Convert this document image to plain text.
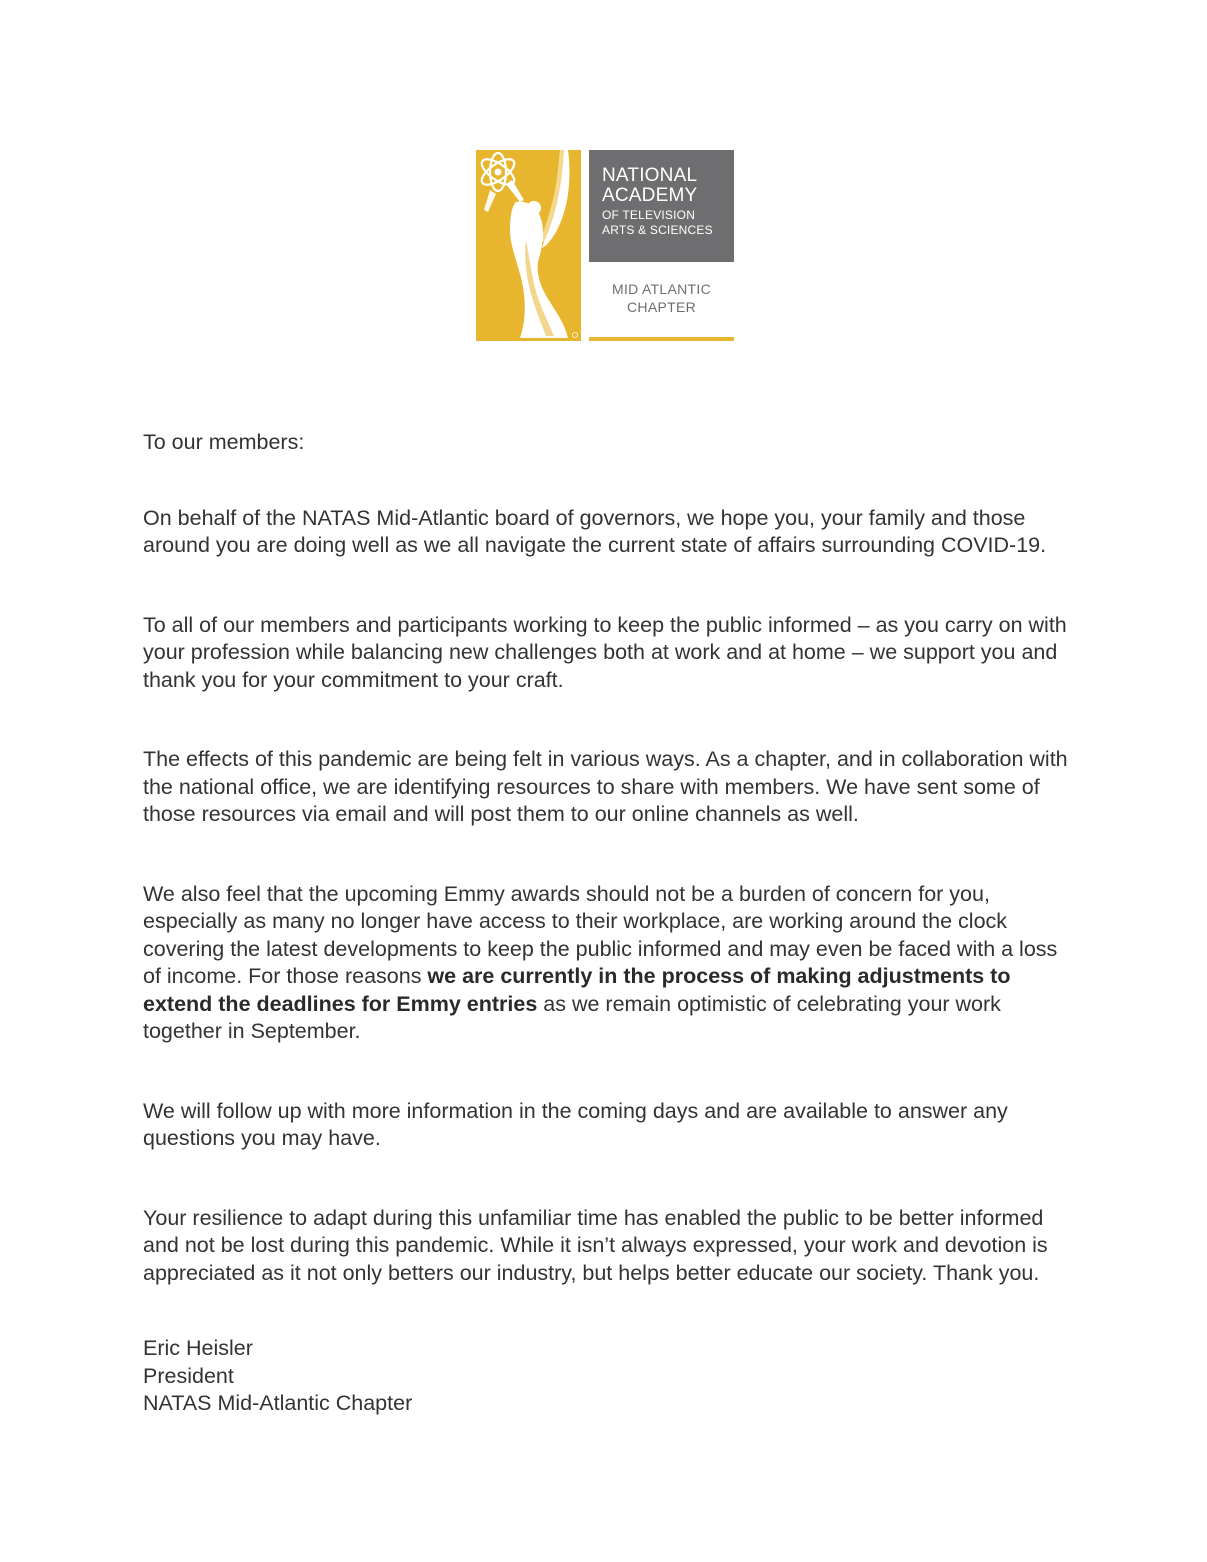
NATIONAL
ACADEMY
OF TELEVISION
ARTS & SCIENCES
MID ATLANTIC
CHAPTER

To our members:

On behalf of the NATAS Mid-Atlantic board of governors, we hope you, your family and those around you are doing well as we all navigate the current state of affairs surrounding COVID-19.

To all of our members and participants working to keep the public informed – as you carry on with your profession while balancing new challenges both at work and at home – we support you and thank you for your commitment to your craft.

The effects of this pandemic are being felt in various ways. As a chapter, and in collaboration with the national office, we are identifying resources to share with members. We have sent some of those resources via email and will post them to our online channels as well.

We also feel that the upcoming Emmy awards should not be a burden of concern for you, especially as many no longer have access to their workplace, are working around the clock covering the latest developments to keep the public informed and may even be faced with a loss of income. For those reasons we are currently in the process of making adjustments to extend the deadlines for Emmy entries as we remain optimistic of celebrating your work together in September.

We will follow up with more information in the coming days and are available to answer any questions you may have.

Your resilience to adapt during this unfamiliar time has enabled the public to be better informed and not be lost during this pandemic. While it isn’t always expressed, your work and devotion is appreciated as it not only betters our industry, but helps better educate our society. Thank you.

Eric Heisler
President
NATAS Mid-Atlantic Chapter
